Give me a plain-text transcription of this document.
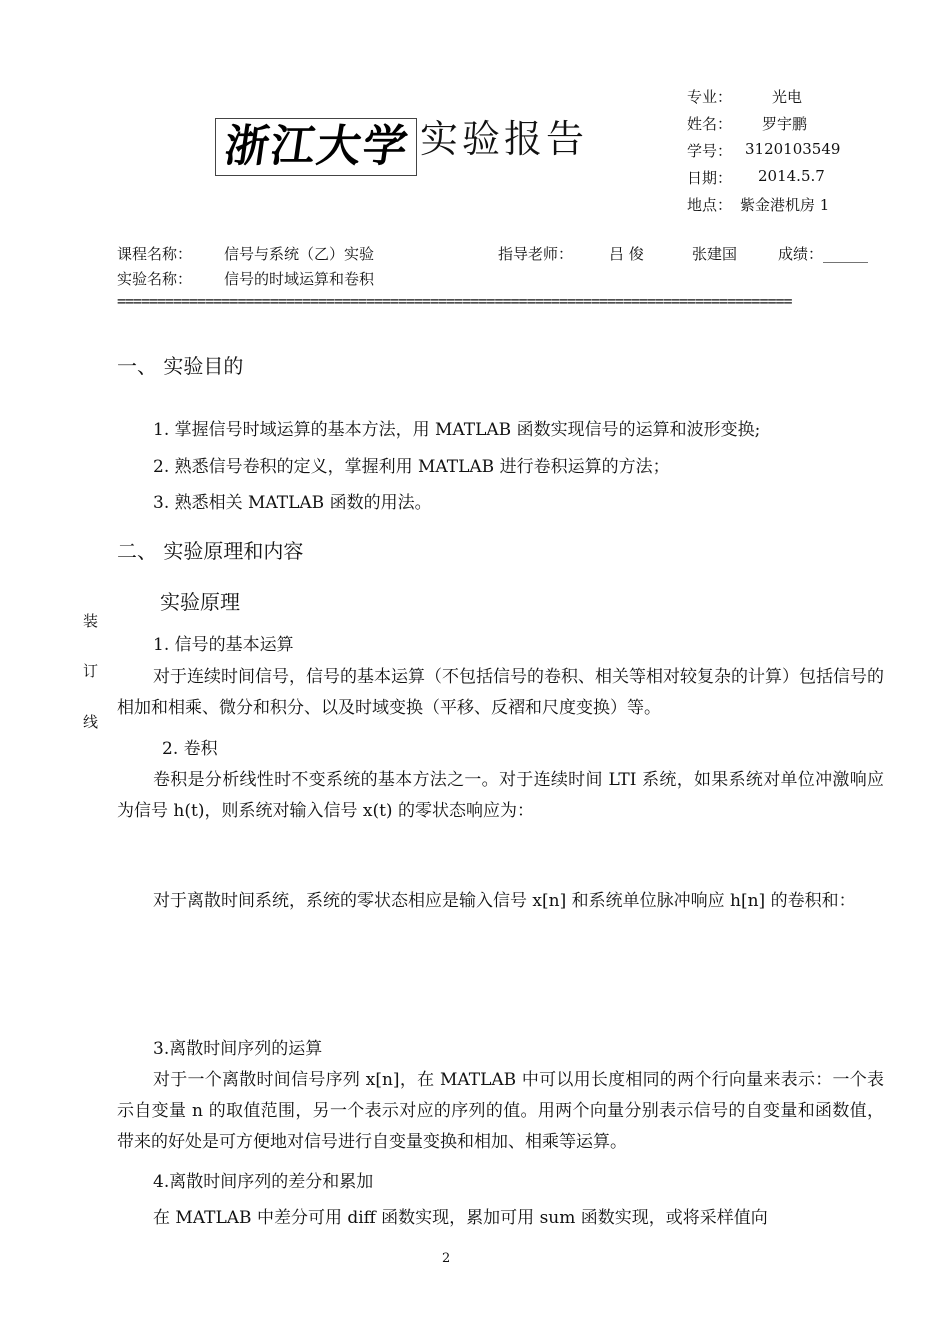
浙江大学 实验报告
专业：	光电
姓名： 罗宇鹏
学号： 3120103549
日期： 2014.5.7
地点： 紫金港机房 1
课程名称： 信号与系统（乙）实验	指导老师： 吕 俊	张建国	成绩：______
实验名称： 信号的时域运算和卷积
====================================================================================
装
订
线
一、 实验目的
1. 掌握信号时域运算的基本方法，用 MATLAB 函数实现信号的运算和波形变换;
2. 熟悉信号卷积的定义，掌握利用 MATLAB 进行卷积运算的方法；
3. 熟悉相关 MATLAB 函数的用法。
二、 实验原理和内容
实验原理
1. 信号的基本运算
对于连续时间信号，信号的基本运算（不包括信号的卷积、相关等相对较复杂的计算）包括信号的相加和相乘、微分和积分、以及时域变换（平移、反褶和尺度变换）等。
2. 卷积
卷积是分析线性时不变系统的基本方法之一。对于连续时间 LTI 系统，如果系统对单位冲激响应为信号 h(t)，则系统对输入信号 x(t) 的零状态响应为：
对于离散时间系统，系统的零状态相应是输入信号 x[n] 和系统单位脉冲响应 h[n] 的卷积和：
3.离散时间序列的运算
对于一个离散时间信号序列 x[n]，在 MATLAB 中可以用长度相同的两个行向量来表示：一个表示自变量 n 的取值范围，另一个表示对应的序列的值。用两个向量分别表示信号的自变量和函数值，带来的好处是可方便地对信号进行自变量变换和相加、相乘等运算。
4.离散时间序列的差分和累加
在 MATLAB 中差分可用 diff 函数实现，累加可用 sum 函数实现，或将采样值向
2
